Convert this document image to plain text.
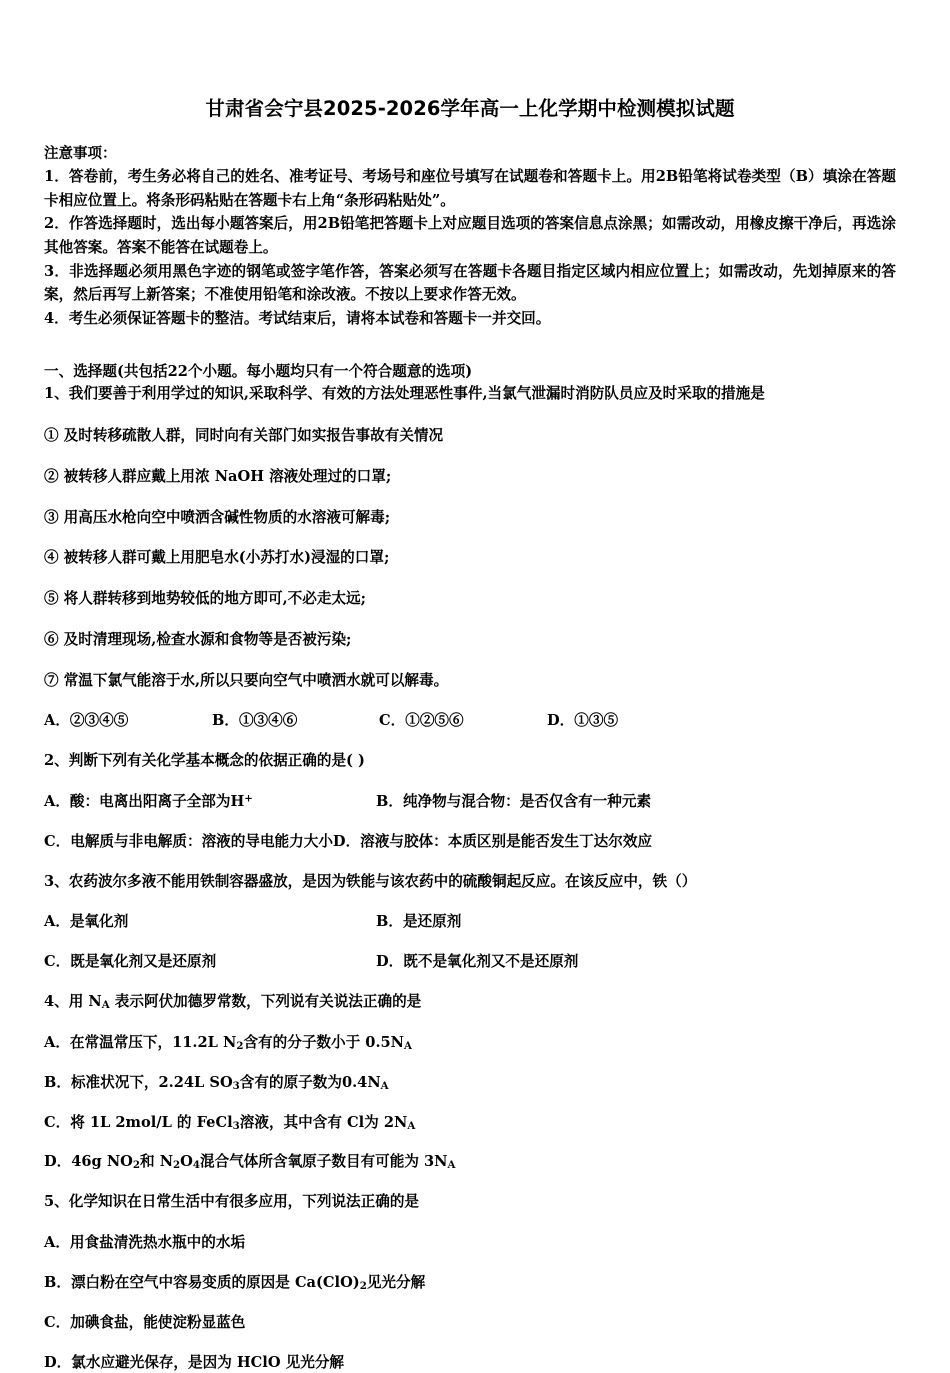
甘肃省会宁县2025-2026学年高一上化学期中检测模拟试题
注意事项：

1．答卷前，考生务必将自己的姓名、准考证号、考场号和座位号填写在试题卷和答题卡上。用2B铅笔将试卷类型（B）填涂在答题卡相应位置上。将条形码粘贴在答题卡右上角“条形码粘贴处”。

2．作答选择题时，选出每小题答案后，用2B铅笔把答题卡上对应题目选项的答案信息点涂黑；如需改动，用橡皮擦干净后，再选涂其他答案。答案不能答在试题卷上。

3．非选择题必须用黑色字迹的钢笔或签字笔作答，答案必须写在答题卡各题目指定区域内相应位置上；如需改动，先划掉原来的答案，然后再写上新答案；不准使用铅笔和涂改液。不按以上要求作答无效。

4．考生必须保证答题卡的整洁。考试结束后，请将本试卷和答题卡一并交回。

一、选择题(共包括22个小题。每小题均只有一个符合题意的选项)

1、我们要善于利用学过的知识,采取科学、有效的方法处理恶性事件,当氯气泄漏时消防队员应及时采取的措施是

① 及时转移疏散人群，同时向有关部门如实报告事故有关情况
② 被转移人群应戴上用浓 NaOH 溶液处理过的口罩;
③ 用高压水枪向空中喷洒含碱性物质的水溶液可解毒;
④ 被转移人群可戴上用肥皂水(小苏打水)浸湿的口罩;
⑤ 将人群转移到地势较低的地方即可,不必走太远;
⑥ 及时清理现场,检查水源和食物等是否被污染;
⑦ 常温下氯气能溶于水,所以只要向空气中喷洒水就可以解毒。
A．②③④⑤	B．①③④⑥	C．①②⑤⑥	D．①③⑤

2、判断下列有关化学基本概念的依据正确的是( )

A．酸：电离出阳离子全部为H+	B．纯净物与混合物：是否仅含有一种元素
C．电解质与非电解质：溶液的导电能力大小D．溶液与胶体：本质区别是能否发生丁达尔效应

3、农药波尔多液不能用铁制容器盛放，是因为铁能与该农药中的硫酸铜起反应。在该反应中，铁（）

A．是氧化剂	B．是还原剂
C．既是氧化剂又是还原剂	D．既不是氧化剂又不是还原剂

4、用 $N_A$ 表示阿伏加德罗常数，下列说有关说法正确的是

A．在常温常压下，11.2L $N_2$含有的分子数小于 $0.5N_A$
B．标准状况下，2.24L $SO_3$含有的原子数为$0.4N_A$
C．将 1L 2mol/L 的 FeCl$_3$溶液，其中含有 Cl为 $2N_A$
D．46g $NO_2$和 $N_2O_4$混合气体所含氧原子数目有可能为 $3N_A$

5、化学知识在日常生活中有很多应用，下列说法正确的是

A．用食盐清洗热水瓶中的水垢
B．漂白粉在空气中容易变质的原因是 $Ca(ClO)_2$见光分解
C．加碘食盐，能使淀粉显蓝色
D．氯水应避光保存，是因为 HClO 见光分解
